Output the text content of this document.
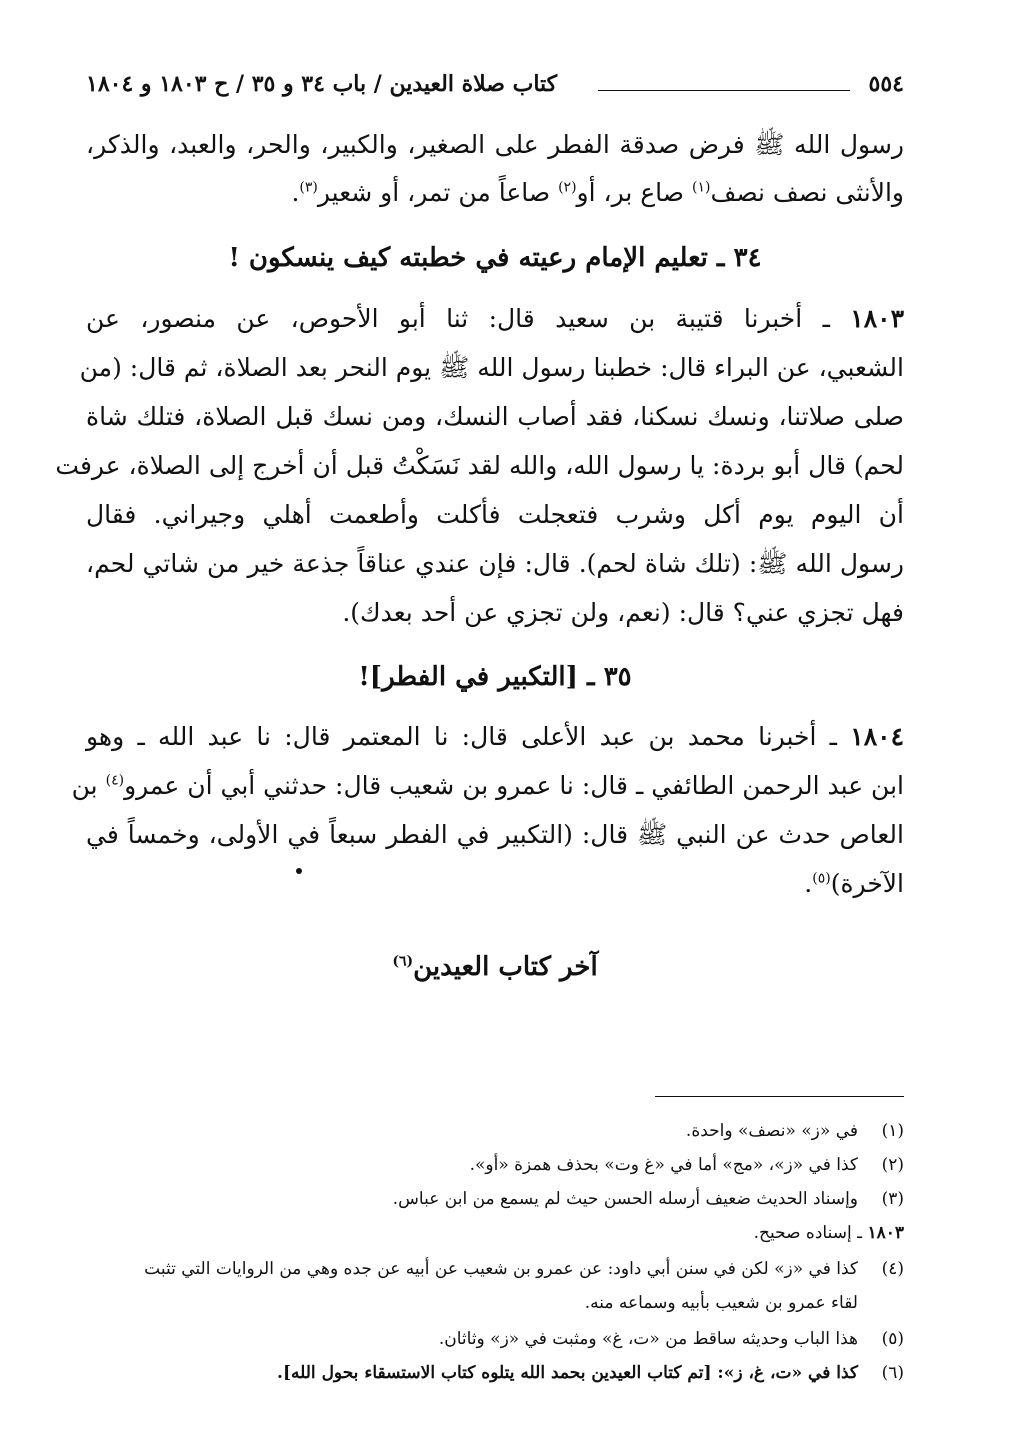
٥٥٤
كتاب صلاة العيدين / باب ٣٤ و ٣٥ / ح ١٨٠٣ و ١٨٠٤
رسول الله ﷺ فرض صدقة الفطر على الصغير، والكبير، والحر، والعبد، والذكر،
والأنثى نصف نصف$^{(١)}$ صاع بر، أو$^{(٢)}$ صاعاً من تمر، أو شعير$^{(٣)}$.
٣٤ ـ تعليم الإمام رعيته في خطبته كيف ينسكون !
١٨٠٣ ـ أخبرنا قتيبة بن سعيد قال: ثنا أبو الأحوص، عن منصور، عن
الشعبي، عن البراء قال: خطبنا رسول الله ﷺ يوم النحر بعد الصلاة، ثم قال: (من
صلى صلاتنا، ونسك نسكنا، فقد أصاب النسك، ومن نسك قبل الصلاة، فتلك شاة
لحم) قال أبو بردة: يا رسول الله، والله لقد نَسَكْتُ قبل أن أخرج إلى الصلاة، عرفت
أن اليوم يوم أكل وشرب فتعجلت فأكلت وأطعمت أهلي وجيراني. فقال
رسول الله ﷺ: (تلك شاة لحم). قال: فإن عندي عناقاً جذعة خير من شاتي لحم،
فهل تجزي عني؟ قال: (نعم، ولن تجزي عن أحد بعدك).
٣٥ ـ [التكبير في الفطر]!
١٨٠٤ ـ أخبرنا محمد بن عبد الأعلى قال: نا المعتمر قال: نا عبد الله ـ وهو
ابن عبد الرحمن الطائفي ـ قال: نا عمرو بن شعيب قال: حدثني أبي أن عمرو$^{(٤)}$ بن
العاص حدث عن النبي ﷺ قال: (التكبير في الفطر سبعاً في الأولى، وخمساً في
الآخرة)$^{(٥)}$.
آخر كتاب العيدين$^{(٦)}$
(١)في «ز» «نصف» واحدة.
(٢)كذا في «ز»، «مج» أما في «غ وت» بحذف همزة «أو».
(٣)وإسناد الحديث ضعيف أرسله الحسن حيث لم يسمع من ابن عباس.
١٨٠٣ ـ إسناده صحيح.
(٤)كذا في «ز» لكن في سنن أبي داود: عن عمرو بن شعيب عن أبيه عن جده وهي من الروايات التي تثبت
لقاء عمرو بن شعيب بأبيه وسماعه منه.
(٥)هذا الباب وحديثه ساقط من «ت، غ» ومثبت في «ز» وثاثان.
(٦)كذا في «ت، غ، ز»: [تم كتاب العيدين بحمد الله يتلوه كتاب الاستسقاء بحول الله].
